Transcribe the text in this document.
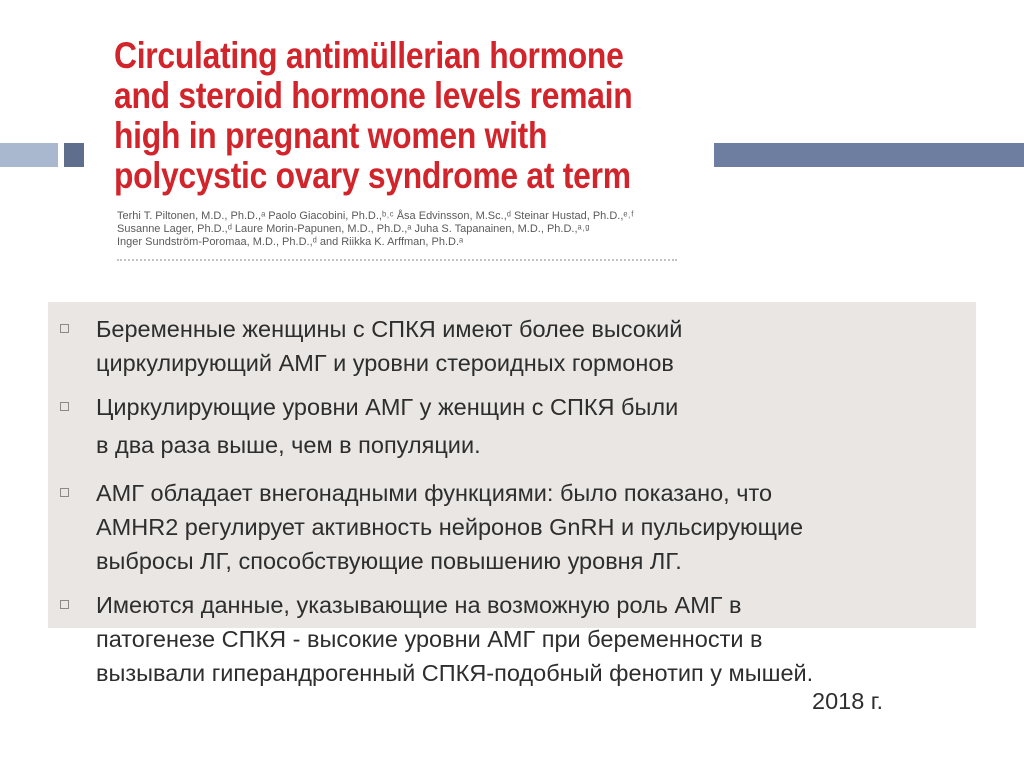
Circulating antimüllerian hormone
and steroid hormone levels remain
high in pregnant women with
polycystic ovary syndrome at term
Terhi T. Piltonen, M.D., Ph.D.,ᵃ Paolo Giacobini, Ph.D.,ᵇ˒ᶜ Åsa Edvinsson, M.Sc.,ᵈ Steinar Hustad, Ph.D.,ᵉ˒ᶠ
Susanne Lager, Ph.D.,ᵈ Laure Morin-Papunen, M.D., Ph.D.,ᵃ Juha S. Tapanainen, M.D., Ph.D.,ᵃ˒ᵍ
Inger Sundström-Poromaa, M.D., Ph.D.,ᵈ and Riikka K. Arffman, Ph.D.ᵃ
Беременные женщины с СПКЯ имеют более высокий
циркулирующий АМГ и уровни стероидных гормонов
Циркулирующие уровни АМГ у женщин с СПКЯ были
в два раза выше, чем в популяции.
АМГ обладает внегонадными функциями: было показано, что
AMHR2 регулирует активность нейронов GnRH и пульсирующие
выбросы ЛГ, способствующие повышению уровня ЛГ.
Имеются данные, указывающие на возможную роль АМГ в
патогенезе СПКЯ - высокие уровни АМГ при беременности в
вызывали гиперандрогенный СПКЯ-подобный фенотип у мышей.
2018 г.
